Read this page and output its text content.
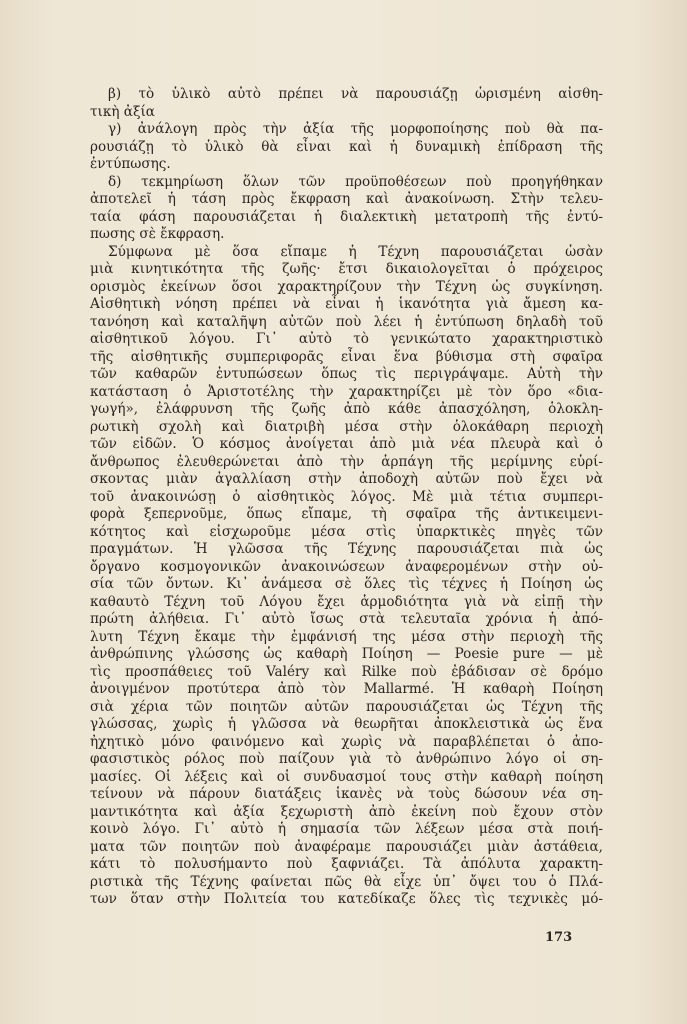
β) τὸ ὑλικὸ αὐτὸ πρέπει νὰ παρουσιάζῃ ὡρισμένη αἰσθη-
τικὴ ἀξία
γ) ἀνάλογη πρὸς τὴν ἀξία τῆς μορφοποίησης ποὺ θὰ πα-
ρουσιάζῃ τὸ ὑλικὸ θὰ εἶναι καὶ ἡ δυναμικὴ ἐπίδραση τῆς
ἐντύπωσης.
δ) τεκμηρίωση ὅλων τῶν προϋποθέσεων ποὺ προηγήθηκαν
ἀποτελεῖ ἡ τάση πρὸς ἔκφραση καὶ ἀνακοίνωση. Στὴν τελευ-
ταία φάση παρουσιάζεται ἡ διαλεκτικὴ μετατροπὴ τῆς ἐντύ-
πωσης σὲ ἔκφραση.
Σύμφωνα μὲ ὅσα εἴπαμε ἡ Τέχνη παρουσιάζεται ὡσὰν
μιὰ κινητικότητα τῆς ζωῆς· ἔτσι δικαιολογεῖται ὁ πρόχειρος
ορισμὸς ἐκείνων ὅσοι χαρακτηρίζουν τὴν Τέχνη ὡς συγκίνηση.
Αἰσθητικὴ νόηση πρέπει νὰ εἶναι ἡ ἱκανότητα γιὰ ἄμεση κα-
τανόηση καὶ καταλῆψη αὐτῶν ποὺ λέει ἡ ἐντύπωση δηλαδὴ τοῦ
αἰσθητικοῦ λόγου. Γι᾿ αὐτὸ τὸ γενικώτατο χαρακτηριστικὸ
τῆς αἰσθητικῆς συμπεριφορᾶς εἶναι ἕνα βύθισμα στὴ σφαῖρα
τῶν καθαρῶν ἐντυπώσεων ὅπως τὶς περιγράψαμε. Αὐτὴ τὴν
κατάσταση ὁ Ἀριστοτέλης τὴν χαρακτηρίζει μὲ τὸν ὅρο «δια-
γωγή», ἐλάφρυνση τῆς ζωῆς ἀπὸ κάθε ἀπασχόληση, ὁλοκλη-
ρωτικὴ σχολὴ καὶ διατριβὴ μέσα στὴν ὁλοκάθαρη περιοχὴ
τῶν εἰδῶν. Ὁ κόσμος ἀνοίγεται ἀπὸ μιὰ νέα πλευρὰ καὶ ὁ
ἄνθρωπος ἐλευθερώνεται ἀπὸ τὴν ἁρπάγη τῆς μερίμνης εὑρί-
σκοντας μιὰν ἀγαλλίαση στὴν ἀποδοχὴ αὐτῶν ποὺ ἔχει νὰ
τοῦ ἀνακοινώσῃ ὁ αἰσθητικὸς λόγος. Μὲ μιὰ τέτια συμπερι-
φορὰ ξεπερνοῦμε, ὅπως εἴπαμε, τὴ σφαῖρα τῆς ἀντικειμενι-
κότητος καὶ εἰσχωροῦμε μέσα στὶς ὑπαρκτικὲς πηγὲς τῶν
πραγμάτων. Ἡ γλῶσσα τῆς Τέχνης παρουσιάζεται πιὰ ὡς
ὄργανο κοσμογονικῶν ἀνακοινώσεων ἀναφερομένων στὴν οὐ-
σία τῶν ὄντων. Κι᾿ ἀνάμεσα σὲ ὅλες τὶς τέχνες ἡ Ποίηση ὡς
καθαυτὸ Τέχνη τοῦ Λόγου ἔχει ἁρμοδιότητα γιὰ νὰ εἰπῇ τὴν
πρώτη ἀλήθεια. Γι᾿ αὐτὸ ἴσως στὰ τελευταῖα χρόνια ἡ ἀπό-
λυτη Τέχνη ἔκαμε τὴν ἐμφάνισή της μέσα στὴν περιοχὴ τῆς
ἀνθρώπινης γλώσσης ὡς καθαρὴ Ποίηση — Poesie pure — μὲ
τὶς προσπάθειες τοῦ Valéry καὶ Rilke ποὺ ἐβάδισαν σὲ δρόμο
ἀνοιγμένον προτύτερα ἀπὸ τὸν Mallarmé. Ἡ καθαρὴ Ποίηση
σιὰ χέρια τῶν ποιητῶν αὐτῶν παρουσιάζεται ὡς Τέχνη τῆς
γλώσσας, χωρὶς ἡ γλῶσσα νὰ θεωρῆται ἀποκλειστικὰ ὡς ἕνα
ἠχητικὸ μόνο φαινόμενο καὶ χωρὶς νὰ παραβλέπεται ὁ ἀπο-
φασιστικὸς ρόλος ποὺ παίζουν γιὰ τὸ ἀνθρώπινο λόγο οἱ ση-
μασίες. Οἱ λέξεις καὶ οἱ συνδυασμοί τους στὴν καθαρὴ ποίηση
τείνουν νὰ πάρουν διατάξεις ἱκανὲς νὰ τοὺς δώσουν νέα ση-
μαντικότητα καὶ ἀξία ξεχωριστὴ ἀπὸ ἐκείνη ποὺ ἔχουν στὸν
κοινὸ λόγο. Γι᾿ αὐτὸ ἡ σημασία τῶν λέξεων μέσα στὰ ποιή-
ματα τῶν ποιητῶν ποὺ ἀναφέραμε παρουσιάζει μιὰν ἀστάθεια,
κάτι τὸ πολυσήμαντο ποὺ ξαφνιάζει. Τὰ ἀπόλυτα χαρακτη-
ριστικὰ τῆς Τέχνης φαίνεται πῶς θὰ εἶχε ὑπ᾿ ὄψει του ὁ Πλά-
των ὅταν στὴν Πολιτεία του κατεδίκαζε ὅλες τὶς τεχνικὲς μό-
173
